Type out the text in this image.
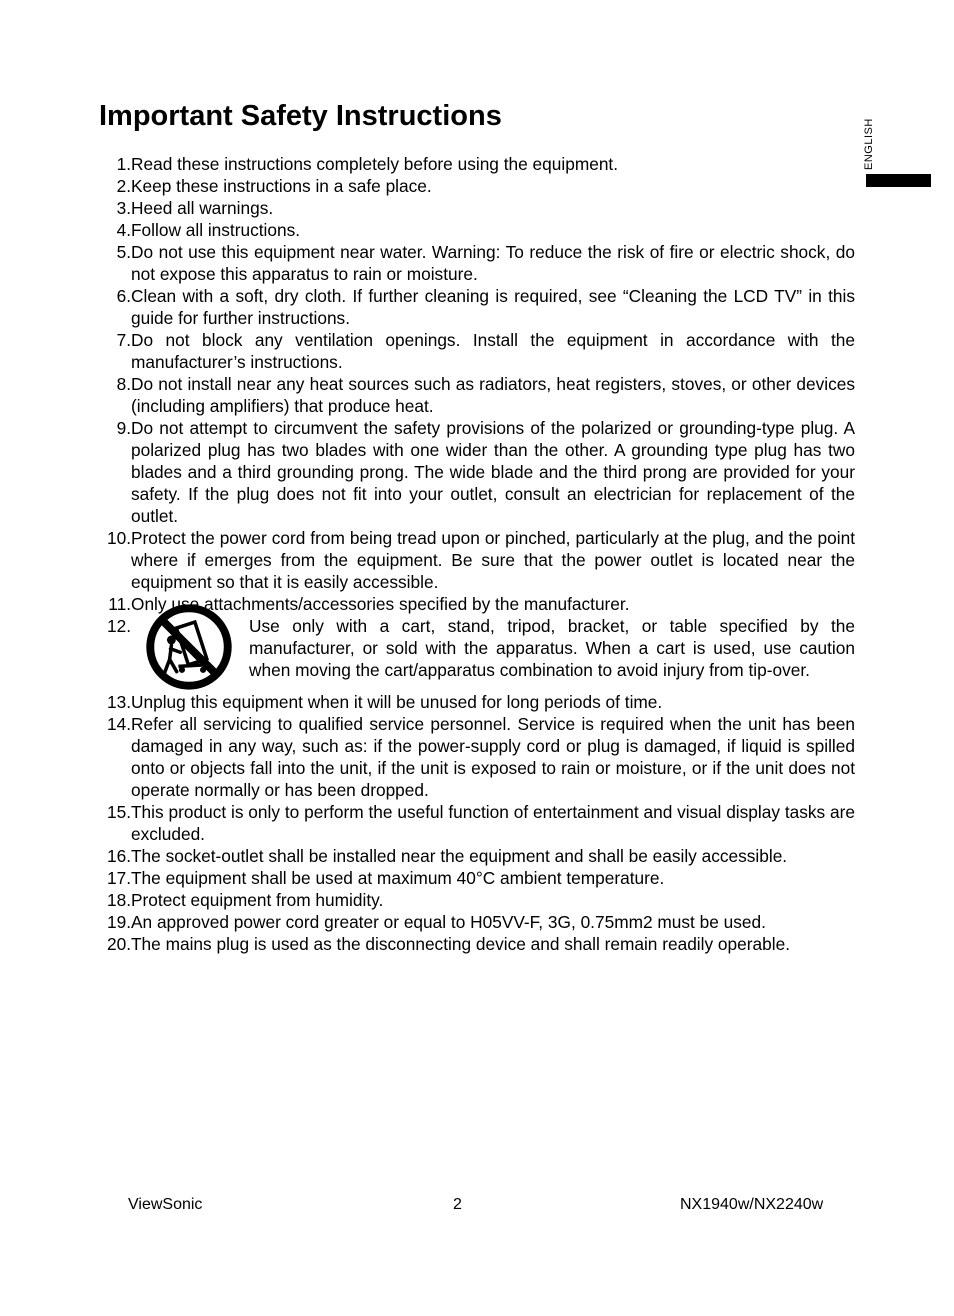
Important Safety Instructions
ENGLISH
1. Read these instructions completely before using the equipment.
2. Keep these instructions in a safe place.
3. Heed all warnings.
4. Follow all instructions.
5. Do not use this equipment near water. Warning: To reduce the risk of fire or electric shock, do not expose this apparatus to rain or moisture.
6. Clean with a soft, dry cloth. If further cleaning is required, see “Cleaning the LCD TV” in this guide for further instructions.
7. Do not block any ventilation openings. Install the equipment in accordance with the manufacturer’s instructions.
8. Do not install near any heat sources such as radiators, heat registers, stoves, or other devices (including amplifiers) that produce heat.
9. Do not attempt to circumvent the safety provisions of the polarized or grounding-type plug. A polarized plug has two blades with one wider than the other. A grounding type plug has two blades and a third grounding prong. The wide blade and the third prong are provided for your safety. If the plug does not fit into your outlet, consult an electrician for replacement of the outlet.
10. Protect the power cord from being tread upon or pinched, particularly at the plug, and the point where if emerges from the equipment. Be sure that the power outlet is located near the equipment so that it is easily accessible.
11. Only use attachments/accessories specified by the manufacturer.
12.	Use only with a cart, stand, tripod, bracket, or table specified by the manufacturer, or sold with the apparatus. When a cart is used, use caution when moving the cart/apparatus combination to avoid injury from tip-over.
13. Unplug this equipment when it will be unused for long periods of time.
14. Refer all servicing to qualified service personnel. Service is required when the unit has been damaged in any way, such as: if the power-supply cord or plug is damaged, if liquid is spilled onto or objects fall into the unit, if the unit is exposed to rain or moisture, or if the unit does not operate normally or has been dropped.
15. This product is only to perform the useful function of entertainment and visual display tasks are excluded.
16. The socket-outlet shall be installed near the equipment and shall be easily accessible.
17. The equipment shall be used at maximum 40°C ambient temperature.
18. Protect equipment from humidity.
19. An approved power cord greater or equal to H05VV-F, 3G, 0.75mm2 must be used.
20. The mains plug is used as the disconnecting device and shall remain readily operable.
ViewSonic	2	NX1940w/NX2240w
